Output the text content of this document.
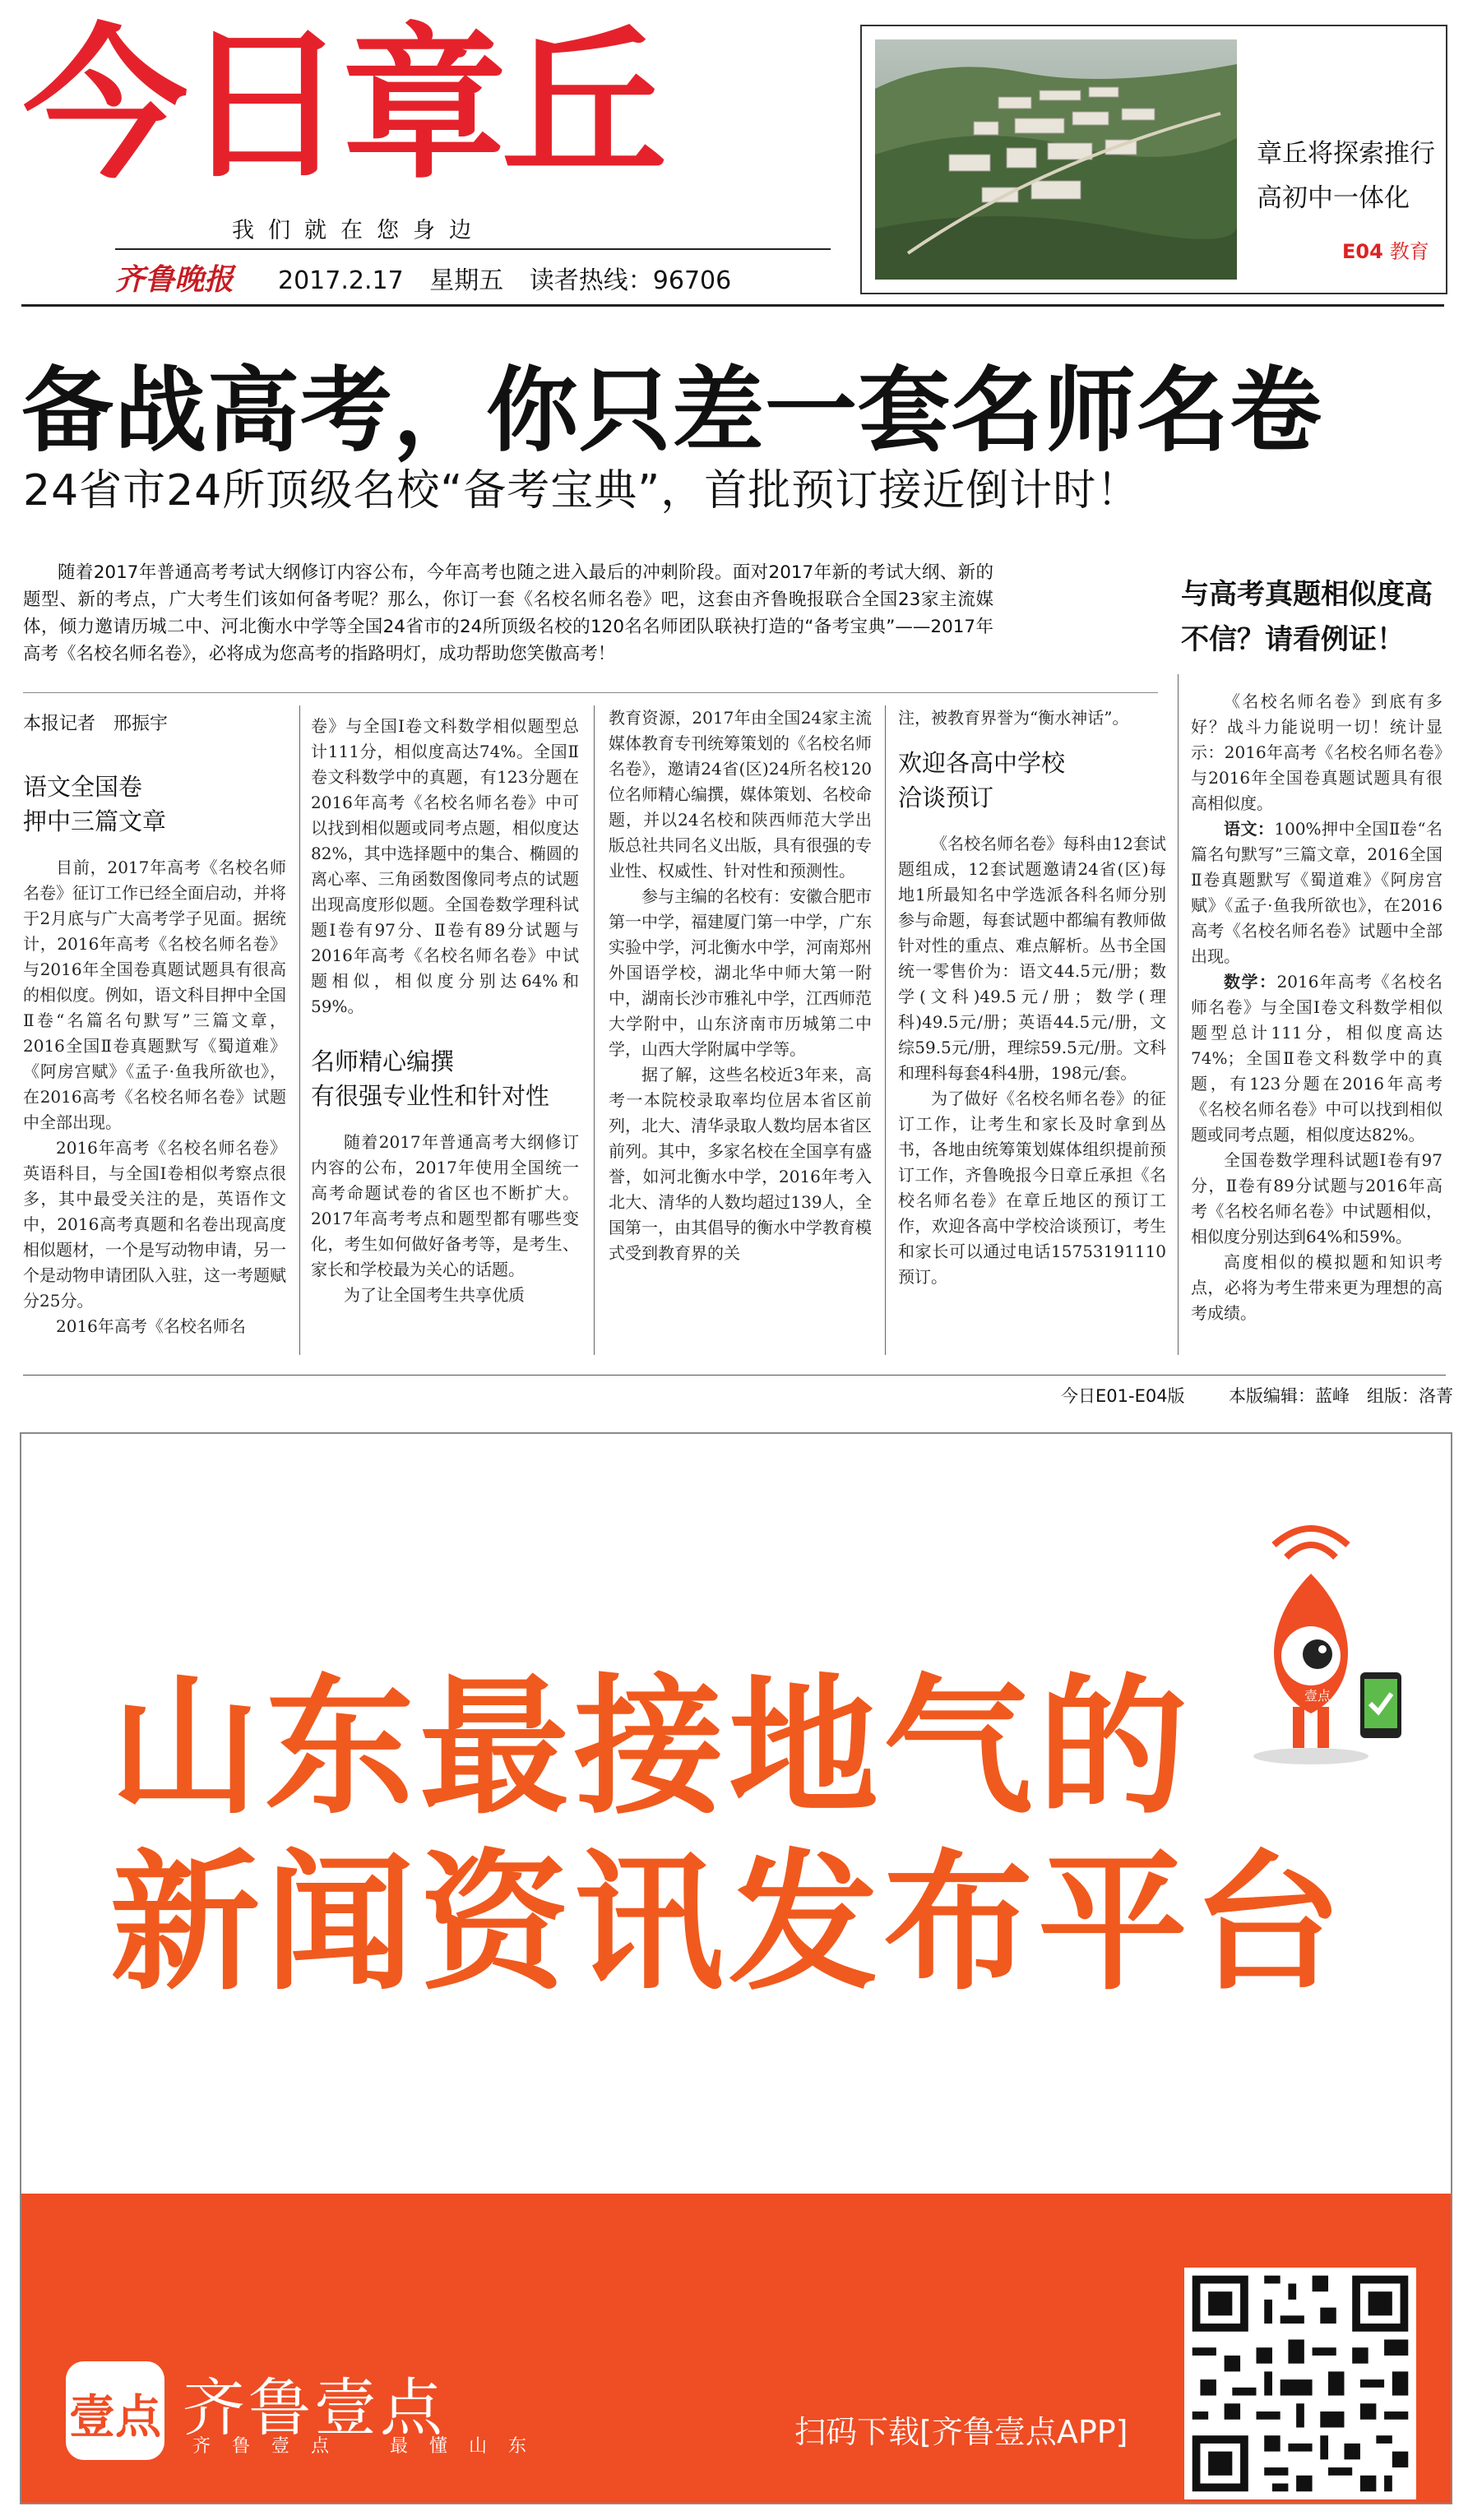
今日章丘
我们就在您身边
齐鲁晚报 2017.2.17 星期五 读者热线：96706
章丘将探索推行
高初中一体化
E04 教育
备战高考，你只差一套名师名卷
24省市24所顶级名校“备考宝典”，首批预订接近倒计时！
随着2017年普通高考考试大纲修订内容公布，今年高考也随之进入最后的冲刺阶段。面对2017年新的考试大纲、新的题型、新的考点，广大考生们该如何备考呢？那么，你订一套《名校名师名卷》吧，这套由齐鲁晚报联合全国23家主流媒体，倾力邀请历城二中、河北衡水中学等全国24省市的24所顶级名校的120名名师团队联袂打造的“备考宝典”——2017年高考《名校名师名卷》，必将成为您高考的指路明灯，成功帮助您笑傲高考！
与高考真题相似度高
不信？请看例证！
本报记者　邢振宇
语文全国卷
押中三篇文章

目前，2017年高考《名校名师名卷》征订工作已经全面启动，并将于2月底与广大高考学子见面。据统计，2016年高考《名校名师名卷》与2016年全国卷真题试题具有很高的相似度。例如，语文科目押中全国Ⅱ卷“名篇名句默写”三篇文章，2016全国Ⅱ卷真题默写《蜀道难》《阿房宫赋》《孟子·鱼我所欲也》，在2016高考《名校名师名卷》试题中全部出现。

2016年高考《名校名师名卷》英语科目，与全国Ⅰ卷相似考察点很多，其中最受关注的是，英语作文中，2016高考真题和名卷出现高度相似题材，一个是写动物申请，另一个是动物申请团队入驻，这一考题赋分25分。

2016年高考《名校名师名

卷》与全国Ⅰ卷文科数学相似题型总计111分，相似度高达74%。全国Ⅱ卷文科数学中的真题，有123分题在2016年高考《名校名师名卷》中可以找到相似题或同考点题，相似度达82%，其中选择题中的集合、椭圆的离心率、三角函数图像同考点的试题出现高度形似题。全国卷数学理科试题Ⅰ卷有97分、Ⅱ卷有89分试题与2016年高考《名校名师名卷》中试题相似，相似度分别达64%和59%。

名师精心编撰
有很强专业性和针对性

随着2017年普通高考大纲修订内容的公布，2017年使用全国统一高考命题试卷的省区也不断扩大。2017年高考考点和题型都有哪些变化，考生如何做好备考等，是考生、家长和学校最为关心的话题。

为了让全国考生共享优质

教育资源，2017年由全国24家主流媒体教育专刊统筹策划的《名校名师名卷》，邀请24省(区)24所名校120位名师精心编撰，媒体策划、名校命题，并以24名校和陕西师范大学出版总社共同名义出版，具有很强的专业性、权威性、针对性和预测性。

参与主编的名校有：安徽合肥市第一中学，福建厦门第一中学，广东实验中学，河北衡水中学，河南郑州外国语学校，湖北华中师大第一附中，湖南长沙市雅礼中学，江西师范大学附中，山东济南市历城第二中学，山西大学附属中学等。

据了解，这些名校近3年来，高考一本院校录取率均位居本省区前列，北大、清华录取人数均居本省区前列。其中，多家名校在全国享有盛誉，如河北衡水中学，2016年考入北大、清华的人数均超过139人，全国第一，由其倡导的衡水中学教育模式受到教育界的关

注，被教育界誉为“衡水神话”。

欢迎各高中学校
洽谈预订

《名校名师名卷》每科由12套试题组成，12套试题邀请24省(区)每地1所最知名中学选派各科名师分别参与命题，每套试题中都编有教师做针对性的重点、难点解析。丛书全国统一零售价为：语文44.5元/册；数学(文科)49.5元/册；数学(理科)49.5元/册；英语44.5元/册，文综59.5元/册，理综59.5元/册。文科和理科每套4科4册，198元/套。

为了做好《名校名师名卷》的征订工作，让考生和家长及时拿到丛书，各地由统筹策划媒体组织提前预订工作，齐鲁晚报今日章丘承担《名校名师名卷》在章丘地区的预订工作，欢迎各高中学校洽谈预订，考生和家长可以通过电话15753191110预订。

《名校名师名卷》到底有多好？战斗力能说明一切！统计显示：2016年高考《名校名师名卷》与2016年全国卷真题试题具有很高相似度。

语文：100%押中全国Ⅱ卷“名篇名句默写”三篇文章，2016全国Ⅱ卷真题默写《蜀道难》《阿房宫赋》《孟子·鱼我所欲也》，在2016高考《名校名师名卷》试题中全部出现。

数学：2016年高考《名校名师名卷》与全国Ⅰ卷文科数学相似题型总计111分，相似度高达74%；全国Ⅱ卷文科数学中的真题，有123分题在2016年高考《名校名师名卷》中可以找到相似题或同考点题，相似度达82%。

全国卷数学理科试题Ⅰ卷有97分，Ⅱ卷有89分试题与2016年高考《名校名师名卷》中试题相似，相似度分别达到64%和59%。

高度相似的模拟题和知识考点，必将为考生带来更为理想的高考成绩。

今日E01-E04版	本版编辑：蓝峰　组版：洛菁
山东最接地气的
新闻资讯发布平台
壹点
壹点 齐鲁壹点
齐鲁壹点　最懂山东	扫码下载[齐鲁壹点APP]
